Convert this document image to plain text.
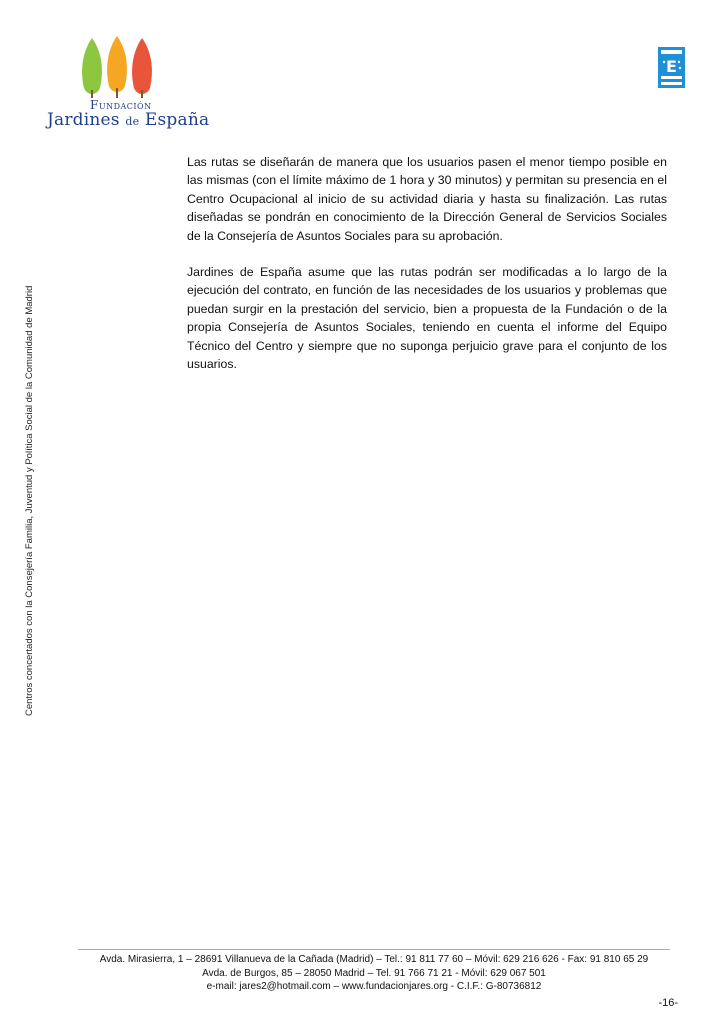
Fundación
Jardines de España
E
Centros concertados con la Consejería Familia, Juventud y Política Social de la Comunidad de Madrid

Las rutas se diseñarán de manera que los usuarios pasen el menor tiempo posible en las mismas (con el límite máximo de 1 hora y 30 minutos) y permitan su presencia en el Centro Ocupacional al inicio de su actividad diaria y hasta su finalización. Las rutas diseñadas se pondrán en conocimiento de la Dirección General de Servicios Sociales de la Consejería de Asuntos Sociales para su aprobación.

Jardines de España asume que las rutas podrán ser modificadas a lo largo de la ejecución del contrato, en función de las necesidades de los usuarios y problemas que puedan surgir en la prestación del servicio, bien a propuesta de la Fundación o de la propia Consejería de Asuntos Sociales, teniendo en cuenta el informe del Equipo Técnico del Centro y siempre que no suponga perjuicio grave para el conjunto de los usuarios.

Avda. Mirasierra, 1 – 28691 Villanueva de la Cañada (Madrid) – Tel.: 91 811 77 60 – Móvil: 629 216 626 - Fax: 91 810 65 29
Avda. de Burgos, 85 – 28050 Madrid – Tel. 91 766 71 21 - Móvil: 629 067 501
e-mail: jares2@hotmail.com – www.fundacionjares.org - C.I.F.: G-80736812
-16-
